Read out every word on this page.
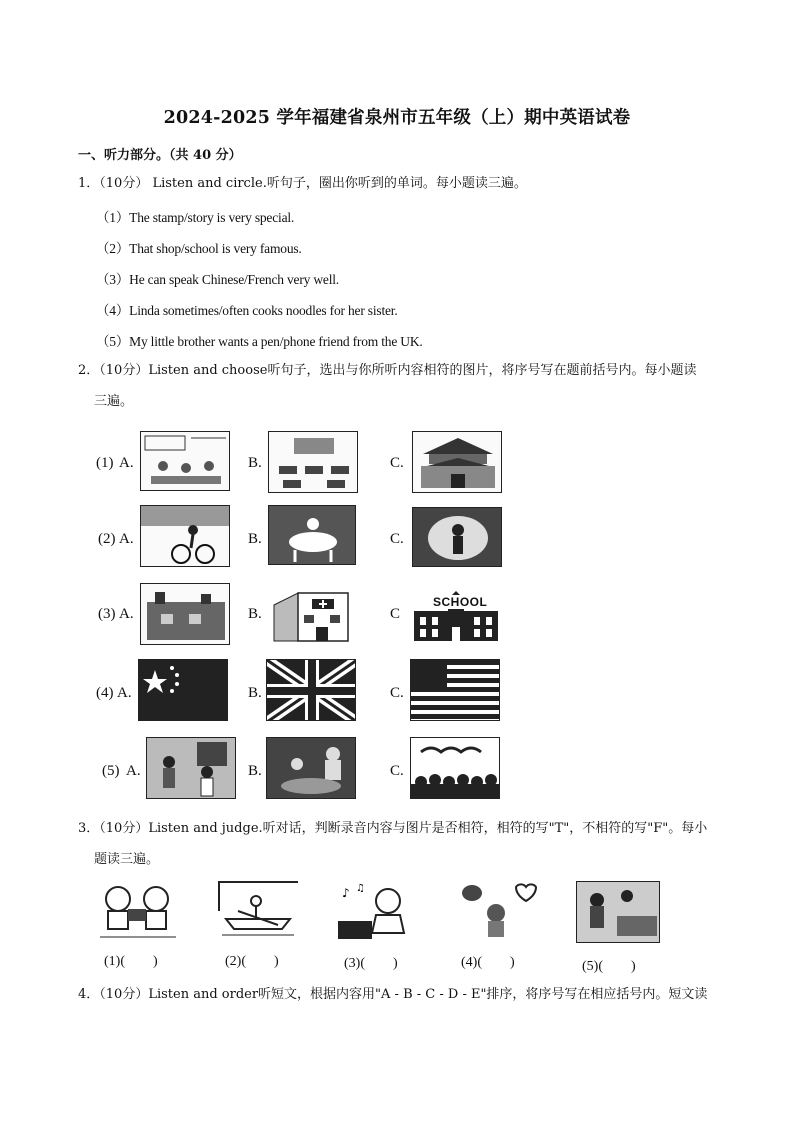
2024-2025 学年福建省泉州市五年级（上）期中英语试卷
一、听力部分。（共 40 分）
1．（10分） Listen and circle.听句子，圈出你听到的单词。每小题读三遍。
（1）The stamp/story is very special.
（2）That shop/school is very famous.
（3）He can speak Chinese/French very well.
（4）Linda sometimes/often cooks noodles for her sister.
（5）My little brother wants a pen/phone friend from the UK.
2．（10分）Listen and choose听句子，选出与你所听内容相符的图片，将序号写在题前括号内。每小题读
三遍。
(1) A.	B.	C.
(2) A.	B.	C.
(3) A.	B.	C
SCHOOL
(4) A.	B.	C.
(5) A.	B.	C.
3．（10分）Listen and judge.听对话，判断录音内容与图片是否相符，相符的写"T"，不相符的写"F"。每小
题读三遍。
♪ ♫
(1)(　　)	(2)(　　)	(3)(　　)	(4)(　　)	(5)(　　)
4．（10分）Listen and order听短文，根据内容用"A - B - C - D - E"排序，将序号写在相应括号内。短文读
